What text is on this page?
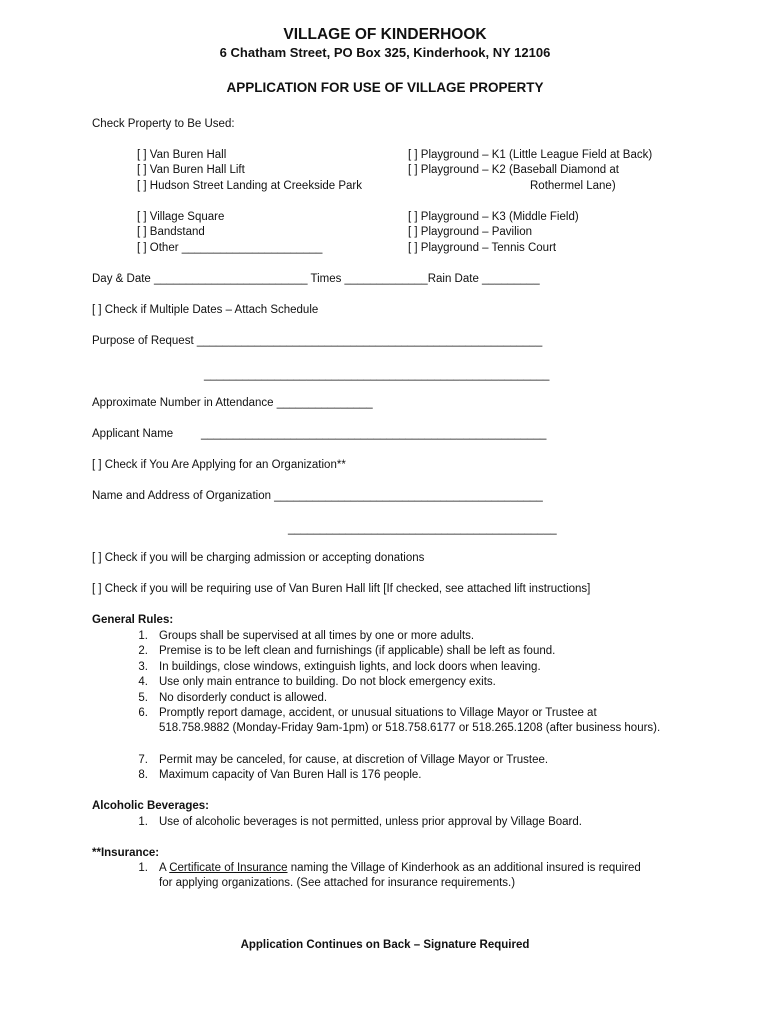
VILLAGE OF KINDERHOOK
6 Chatham Street, PO Box 325, Kinderhook, NY 12106
APPLICATION FOR USE OF VILLAGE PROPERTY
Check Property to Be Used:
[ ] Van Buren Hall
[ ] Van Buren Hall Lift
[ ] Hudson Street Landing at Creekside Park
[ ] Village Square
[ ] Bandstand
[ ] Other ______________________
[ ] Playground – K1 (Little League Field at Back)
[ ] Playground – K2 (Baseball Diamond at
Rothermel Lane)
[ ] Playground – K3 (Middle Field)
[ ] Playground – Pavilion
[ ] Playground – Tennis Court
Day & Date ________________________ Times _____________Rain Date _________
[ ] Check if Multiple Dates – Attach Schedule
Purpose of Request ______________________________________________________
______________________________________________________
Approximate Number in Attendance _______________
Applicant Name ______________________________________________________
[ ] Check if You Are Applying for an Organization**
Name and Address of Organization __________________________________________
__________________________________________
[ ] Check if you will be charging admission or accepting donations
[ ] Check if you will be requiring use of Van Buren Hall lift [If checked, see attached lift instructions]
General Rules:
1. Groups shall be supervised at all times by one or more adults.
2. Premise is to be left clean and furnishings (if applicable) shall be left as found.
3. In buildings, close windows, extinguish lights, and lock doors when leaving.
4. Use only main entrance to building. Do not block emergency exits.
5. No disorderly conduct is allowed.
6. Promptly report damage, accident, or unusual situations to Village Mayor or Trustee at 518.758.9882 (Monday-Friday 9am-1pm) or 518.758.6177 or 518.265.1208 (after business hours).
7. Permit may be canceled, for cause, at discretion of Village Mayor or Trustee.
8. Maximum capacity of Van Buren Hall is 176 people.
Alcoholic Beverages:
1. Use of alcoholic beverages is not permitted, unless prior approval by Village Board.
**Insurance:
1. A Certificate of Insurance naming the Village of Kinderhook as an additional insured is required for applying organizations. (See attached for insurance requirements.)
Application Continues on Back – Signature Required
